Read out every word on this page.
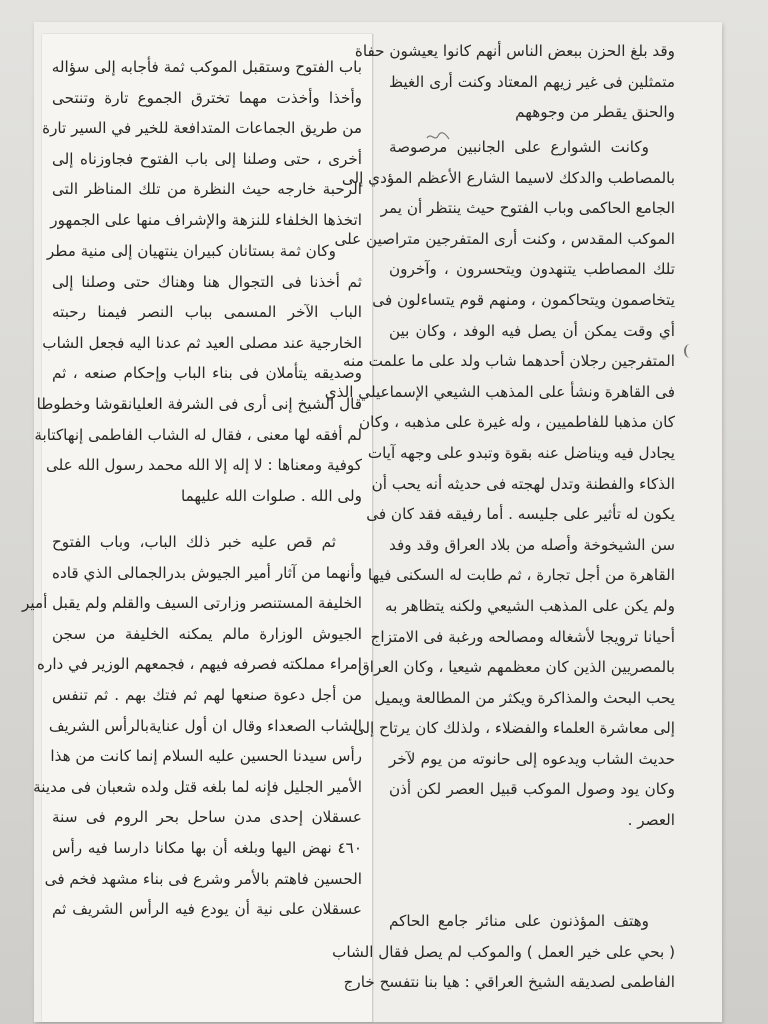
باب الفتوح وستقبل الموكب ثمة فأجابه إلى سؤاله
وأخذا وأخذت مهما تخترق الجموع تارة وتنتحى
من طريق الجماعات المتدافعة للخير في السير تارة
أخرى ، حتى وصلنا إلى باب الفتوح فجاوزناه إلى
الرحبة خارجه حيث النظرة من تلك المناظر التى
اتخذها الخلفاء للنزهة والإشراف منها على الجمهور
وكان ثمة بستانان كبيران ينتهيان إلى منية مطر
ثم أخذنا فى التجوال هنا وهناك حتى وصلنا إلى
الباب الآخر المسمى بباب النصر فيمنا رحبته
الخارجية عند مصلى العيد ثم عدنا اليه فجعل الشاب
وصديقه يتأملان فى بناء الباب وإحكام صنعه ، ثم
قال الشيخ إنى أرى فى الشرفة العليانقوشا وخطوطا
لم أفقه لها معنى ، فقال له الشاب الفاطمى إنهاكتابة
كوفية ومعناها : لا إله إلا الله محمد رسول الله على
ولى الله . صلوات الله عليهما
ثم قص عليه خبر ذلك الباب، وباب الفتوح
وأنهما من آثار أمير الجيوش بدرالجمالى الذي قاده
الخليفة المستنصر وزارتى السيف والقلم ولم يقبل أمير
الجيوش الوزارة مالم يمكنه الخليفة من سجن
امراء مملكته فصرفه فيهم ، فجمعهم الوزير في داره
من أجل دعوة صنعها لهم ثم فتك بهم . ثم تنفس
الشاب الصعداء وقال ان أول عنايةبالرأس الشريف
رأس سيدنا الحسين عليه السلام إنما كانت من هذا
الأمير الجليل فإنه لما بلغه قتل ولده شعبان فى مدينة
عسقلان إحدى مدن ساحل بحر الروم فى سنة
٤٦٠ نهض اليها وبلغه أن بها مكانا دارسا فيه رأس
الحسين فاهتم بالأمر وشرع فى بناء مشهد فخم فى
عسقلان على نية أن يودع فيه الرأس الشريف ثم
وقد بلغ الحزن ببعض الناس أنهم كانوا يعيشون حفاة
متمثلين فى غير زيهم المعتاد وكنت أرى الغيظ
والحنق يقطر من وجوههم
وكانت الشوارع على الجانبين مرصوصة
بالمصاطب والدكك لاسيما الشارع الأعظم المؤدي إلى
الجامع الحاكمى وباب الفتوح حيث ينتظر أن يمر
الموكب المقدس ، وكنت أرى المتفرجين متراصين على
تلك المصاطب يتنهدون ويتحسرون ، وآخرون
يتخاصمون ويتحاكمون ، ومنهم قوم يتساءلون فى
أي وقت يمكن أن يصل فيه الوفد ، وكان بين
المتفرجين رجلان أحدهما شاب ولد على ما علمت منه
فى القاهرة ونشأ على المذهب الشيعي الإسماعيلي الذي
كان مذهبا للفاطميين ، وله غيرة على مذهبه ، وكان
يجادل فيه ويناضل عنه بقوة وتبدو على وجهه آيات
الذكاء والفطنة وتدل لهجته فى حديثه أنه يحب أن
يكون له تأثير على جليسه . أما رفيقه فقد كان فى
سن الشيخوخة وأصله من بلاد العراق وقد وفد
القاهرة من أجل تجارة ، ثم طابت له السكنى فيها
ولم يكن على المذهب الشيعي ولكنه يتظاهر به
أحيانا ترويجا لأشغاله ومصالحه ورغبة فى الامتزاج
بالمصريين الذين كان معظمهم شيعيا ، وكان العراق
يحب البحث والمذاكرة ويكثر من المطالعة ويميل
إلى معاشرة العلماء والفضلاء ، ولذلك كان يرتاح إلى
حديث الشاب ويدعوه إلى حانوته من يوم لآخر
وكان يود وصول الموكب قبيل العصر لكن أذن
العصر .
وهتف المؤذنون على منائر جامع الحاكم
( بحي على خير العمل ) والموكب لم يصل فقال الشاب
الفاطمى لصديقه الشيخ العراقي : هيا بنا نتفسح خارج
